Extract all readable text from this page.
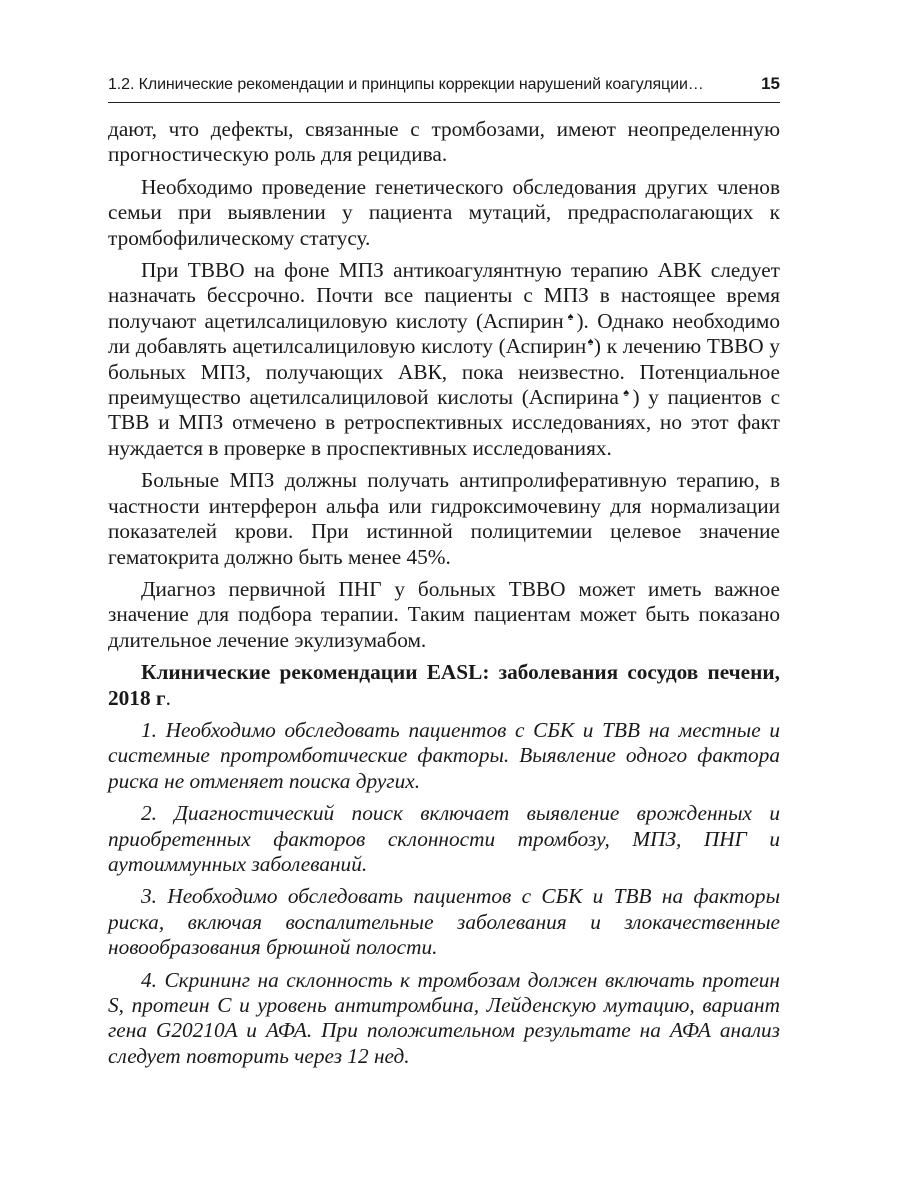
1.2. Клинические рекомендации и принципы коррекции нарушений коагуляции…	15

дают, что дефекты, связанные с тромбозами, имеют неопределенную прогностическую роль для рецидива.

Необходимо проведение генетического обследования других членов семьи при выявлении у пациента мутаций, предрасполагающих к тромбофилическому статусу.

При ТВВО на фоне МПЗ антикоагулянтную терапию АВК следует назначать бессрочно. Почти все пациенты с МПЗ в настоящее время получают ацетилсалициловую кислоту (Аспирин♠). Однако необходимо ли добавлять ацетилсалициловую кислоту (Аспирин♠) к лечению ТВВО у больных МПЗ, получающих АВК, пока неизвестно. Потенциальное преимущество ацетилсалициловой кислоты (Аспирина♠) у пациентов с ТВВ и МПЗ отмечено в ретроспективных исследованиях, но этот факт нуждается в проверке в проспективных исследованиях.

Больные МПЗ должны получать антипролиферативную терапию, в частности интерферон альфа или гидроксимочевину для нормализации показателей крови. При истинной полицитемии целевое значение гематокрита должно быть менее 45%.

Диагноз первичной ПНГ у больных ТВВО может иметь важное значение для подбора терапии. Таким пациентам может быть показано длительное лечение экулизумабом.

Клинические рекомендации EASL: заболевания сосудов печени, 2018 г.

1. Необходимо обследовать пациентов с СБК и ТВВ на местные и системные протромботические факторы. Выявление одного фактора риска не отменяет поиска других.

2. Диагностический поиск включает выявление врожденных и приобретенных факторов склонности тромбозу, МПЗ, ПНГ и аутоиммунных заболеваний.

3. Необходимо обследовать пациентов с СБК и ТВВ на факторы риска, включая воспалительные заболевания и злокачественные новообразования брюшной полости.

4. Скрининг на склонность к тромбозам должен включать протеин S, протеин C и уровень антитромбина, Лейденскую мутацию, вариант гена G20210A и АФА. При положительном результате на АФА анализ следует повторить через 12 нед.
